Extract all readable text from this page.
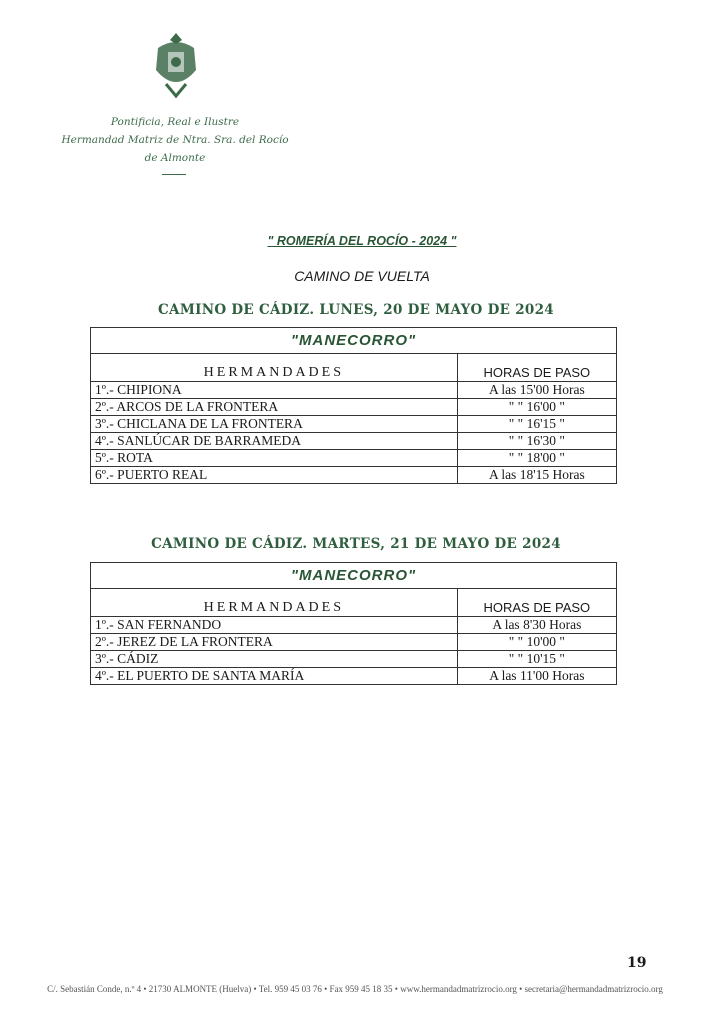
Pontificia, Real e Ilustre
Hermandad Matriz de Ntra. Sra. del Rocío
de Almonte
" ROMERÍA DEL ROCÍO - 2024 "
CAMINO DE VUELTA
CAMINO DE CÁDIZ. LUNES, 20 DE MAYO DE 2024
"MANECORRO"	
HERMANDADES	HORAS DE PASO
1º.- CHIPIONA	A las 15'00 Horas
2º.- ARCOS DE LA FRONTERA	" " 16'00 "
3º.- CHICLANA DE LA FRONTERA	" " 16'15 "
4º.- SANLÚCAR DE BARRAMEDA	" " 16'30 "
5º.- ROTA	" " 18'00 "
6º.- PUERTO REAL	A las 18'15 Horas
CAMINO DE CÁDIZ. MARTES, 21 DE MAYO DE 2024
"MANECORRO"	
HERMANDADES	HORAS DE PASO
1º.- SAN FERNANDO	A las 8'30 Horas
2º.- JEREZ DE LA FRONTERA	" " 10'00 "
3º.- CÁDIZ	" " 10'15 "
4º.- EL PUERTO DE SANTA MARÍA	A las 11'00 Horas
19
C/. Sebastián Conde, n.º 4 • 21730 ALMONTE (Huelva) • Tel. 959 45 03 76 • Fax 959 45 18 35 • www.hermandadmatrizrocio.org • secretaria@hermandadmatrizrocio.org
